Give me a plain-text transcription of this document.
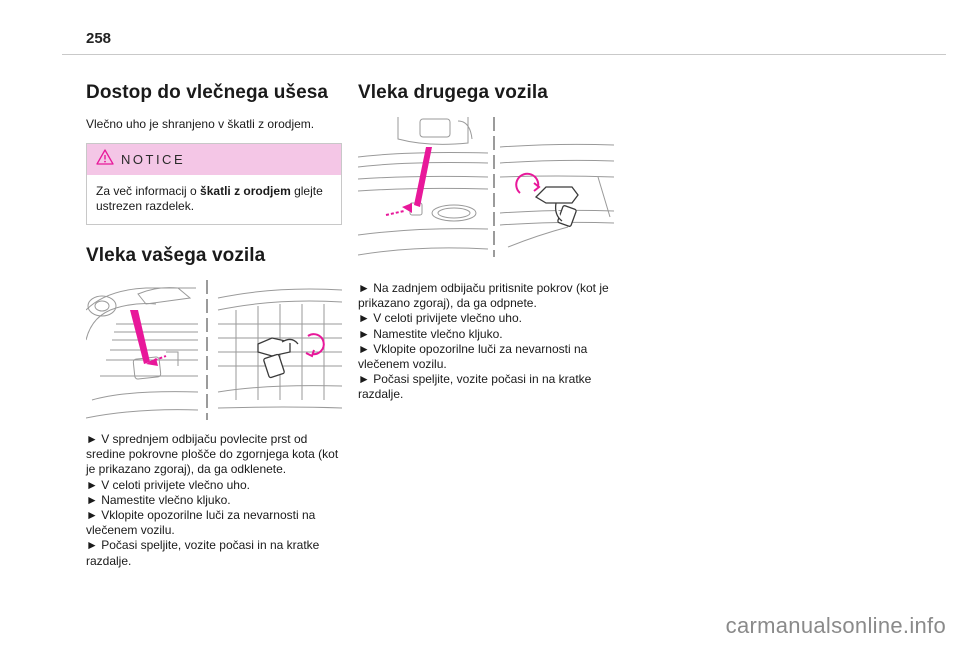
258
Dostop do vlečnega ušesa

Vlečno uho je shranjeno v škatli z orodjem.

NOTICE
Za več informacij o škatli z orodjem glejte ustrezen razdelek.
Vleka vašega vozila
► V sprednjem odbijaču povlecite prst od sredine pokrovne plošče do zgornjega kota (kot je prikazano zgoraj), da ga odklenete.
► V celoti privijete vlečno uho.
► Namestite vlečno kljuko.
► Vklopite opozorilne luči za nevarnosti na vlečenem vozilu.
► Počasi speljite, vozite počasi in na kratke razdalje.
Vleka drugega vozila
► Na zadnjem odbijaču pritisnite pokrov (kot je prikazano zgoraj), da ga odpnete.
► V celoti privijete vlečno uho.
► Namestite vlečno kljuko.
► Vklopite opozorilne luči za nevarnosti na vlečenem vozilu.
► Počasi speljite, vozite počasi in na kratke razdalje.
carmanualsonline.info
